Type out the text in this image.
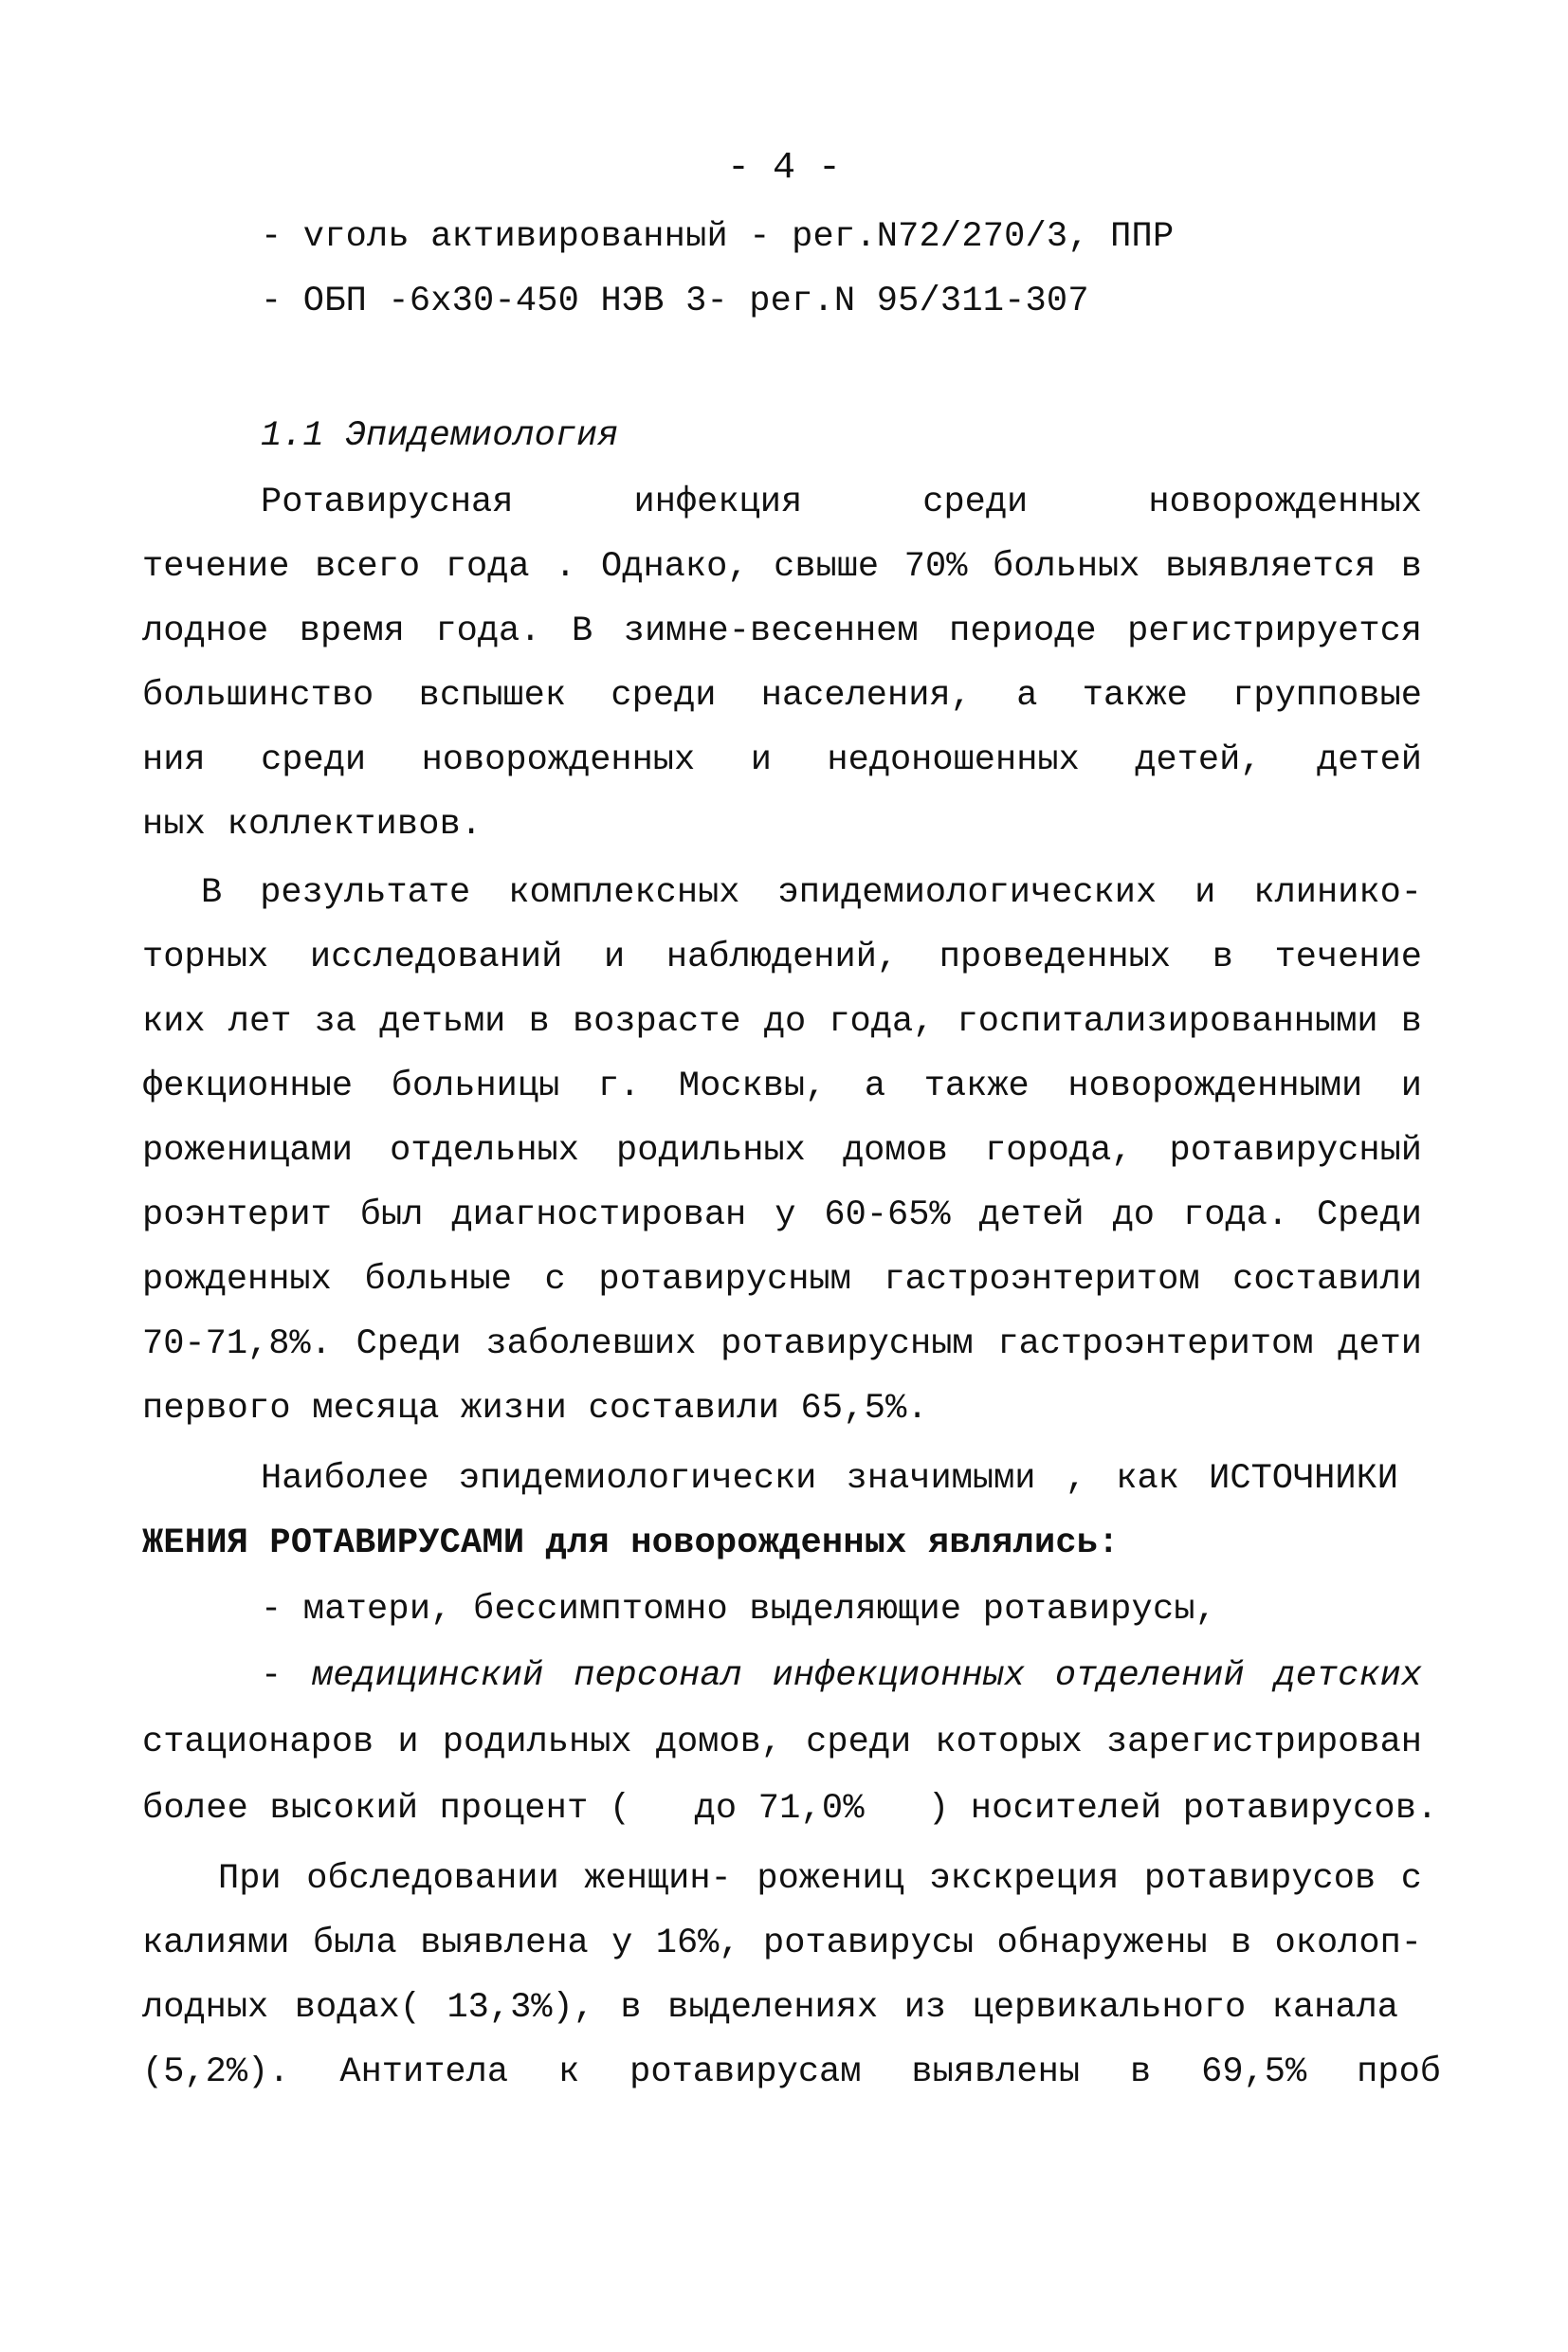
- 4 -
- vголь активированный - рег.N72/270/3, ППР
- ОБП -6x30-450 НЭВ 3- рег.N 95/311-307
1.1 Эпидемиология
Ротавирусная инфекция среди новорожденных
течение всего года . Однако, свыше 70% больных выявляется в
лодное время года. В зимне-весеннем периоде регистрируется
большинство вспышек среди населения, а также групповые
ния среди новорожденных и недоношенных детей, детей
ных коллективов.
В результате комплексных эпидемиологических и клинико-
торных исследований и наблюдений, проведенных в течение
ких лет за детьми в возрасте до года, госпитализированными в
фекционные больницы г. Москвы, а также новорожденными и
роженицами отдельных родильных домов города, ротавирусный
роэнтерит был диагностирован у 60-65% детей до года. Среди
рожденных больные с ротавирусным гастроэнтеритом составили
70-71,8%. Среди заболевших ротавирусным гастроэнтеритом дети
первого месяца жизни составили 65,5%.
Наиболее эпидемиологически значимыми , как ИСТОЧНИКИ
ЖЕНИЯ РОТАВИРУСАМИ для новорожденных являлись:
- матери, бессимптомно выделяющие ротавирусы,
- медицинский персонал инфекционных отделений детских
стационаров и родильных домов, среди которых зарегистрирован
более высокий процент (   до 71,0%   ) носителей ротавирусов.
При обследовании женщин- рожениц экскреция ротавирусов с
калиями была выявлена у 16%, ротавирусы обнаружены в околоп-
лодных водах( 13,3%), в выделениях из цервикального канала
(5,2%). Антитела к ротавирусам выявлены в 69,5% проб
